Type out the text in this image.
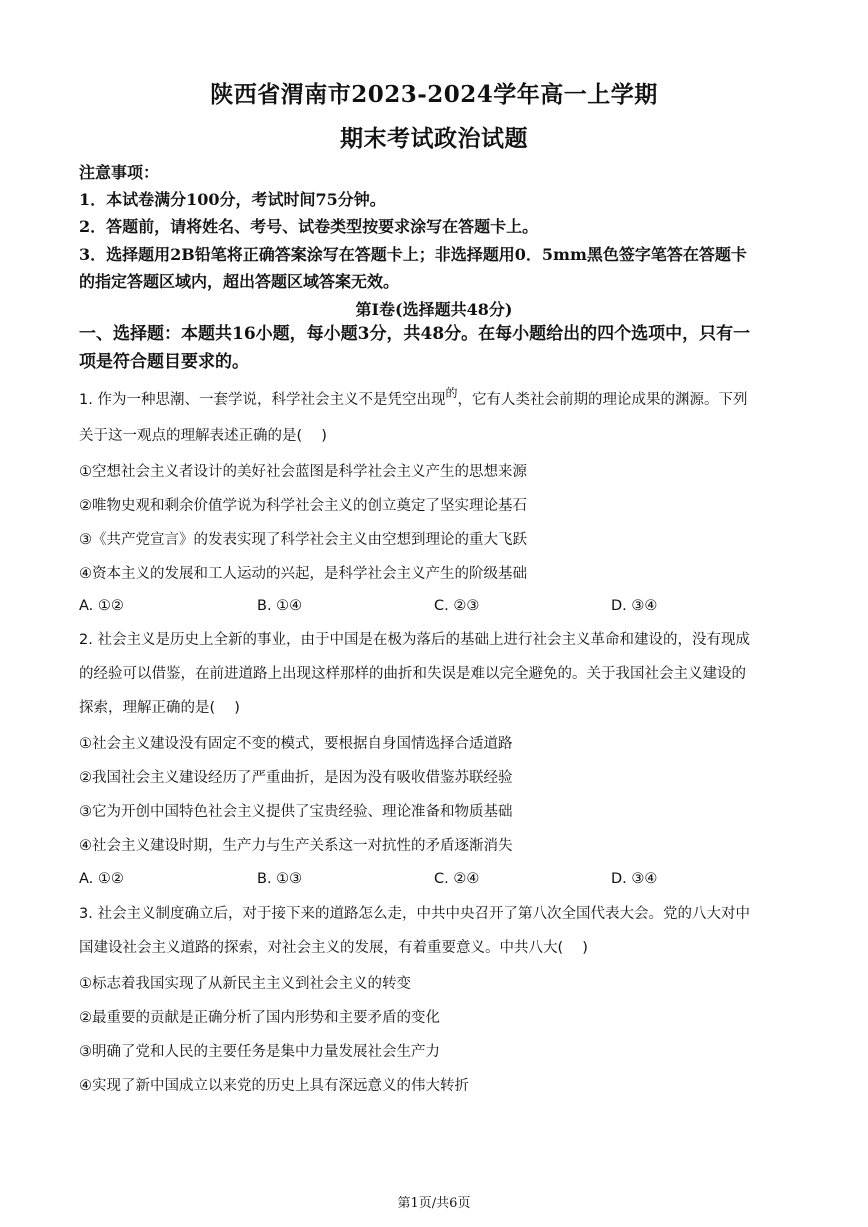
陕西省渭南市2023-2024学年高一上学期
期末考试政治试题
注意事项：
1．本试卷满分100分，考试时间75分钟。
2．答题前，请将姓名、考号、试卷类型按要求涂写在答题卡上。
3．选择题用2B铅笔将正确答案涂写在答题卡上；非选择题用0．5mm黑色签字笔答在答题卡
的指定答题区域内，超出答题区域答案无效。
第Ⅰ卷(选择题共48分)
一、选择题：本题共16小题，每小题3分，共48分。在每小题给出的四个选项中，只有一
项是符合题目要求的。
1. 作为一种思潮、一套学说，科学社会主义不是凭空出现$^的$，它有人类社会前期的理论成果的渊源。下列
关于这一观点的理解表述正确的是(　 )
①空想社会主义者设计的美好社会蓝图是科学社会主义产生的思想来源
②唯物史观和剩余价值学说为科学社会主义的创立奠定了坚实理论基石
③《共产党宣言》的发表实现了科学社会主义由空想到理论的重大飞跃
④资本主义的发展和工人运动的兴起，是科学社会主义产生的阶级基础
A. ①②	B. ①④	C. ②③	D. ③④
2. 社会主义是历史上全新的事业，由于中国是在极为落后的基础上进行社会主义革命和建设的，没有现成
的经验可以借鉴，在前进道路上出现这样那样的曲折和失误是难以完全避免的。关于我国社会主义建设的
探索，理解正确的是(　 )
①社会主义建设没有固定不变的模式，要根据自身国情选择合适道路
②我国社会主义建设经历了严重曲折，是因为没有吸收借鉴苏联经验
③它为开创中国特色社会主义提供了宝贵经验、理论准备和物质基础
④社会主义建设时期，生产力与生产关系这一对抗性的矛盾逐渐消失
A. ①②	B. ①③	C. ②④	D. ③④
3. 社会主义制度确立后，对于接下来的道路怎么走，中共中央召开了第八次全国代表大会。党的八大对中
国建设社会主义道路的探索，对社会主义的发展，有着重要意义。中共八大(　 )
①标志着我国实现了从新民主主义到社会主义的转变
②最重要的贡献是正确分析了国内形势和主要矛盾的变化
③明确了党和人民的主要任务是集中力量发展社会生产力
④实现了新中国成立以来党的历史上具有深远意义的伟大转折
第1页/共6页
